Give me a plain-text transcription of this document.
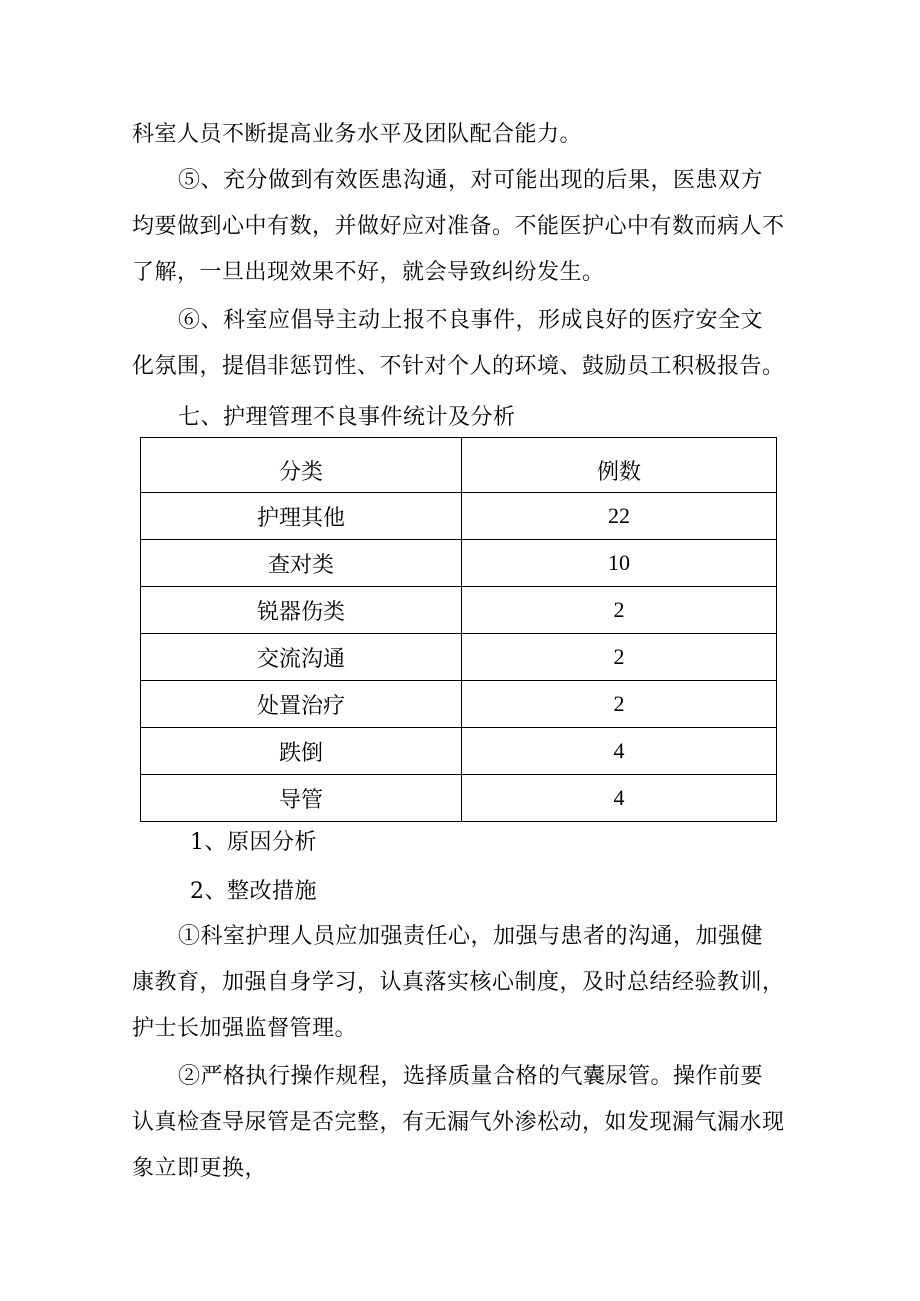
科室人员不断提高业务水平及团队配合能力。
⑤、充分做到有效医患沟通，对可能出现的后果，医患双方
均要做到心中有数，并做好应对准备。不能医护心中有数而病人不
了解，一旦出现效果不好，就会导致纠纷发生。
⑥、科室应倡导主动上报不良事件，形成良好的医疗安全文
化氛围，提倡非惩罚性、不针对个人的环境、鼓励员工积极报告。
七、护理管理不良事件统计及分析
分类	例数
护理其他	22
查对类	10
锐器伤类	2
交流沟通	2
处置治疗	2
跌倒	4
导管	4
1、原因分析
2、整改措施
①科室护理人员应加强责任心，加强与患者的沟通，加强健
康教育，加强自身学习，认真落实核心制度，及时总结经验教训，
护士长加强监督管理。
②严格执行操作规程，选择质量合格的气囊尿管。操作前要
认真检查导尿管是否完整，有无漏气外渗松动，如发现漏气漏水现
象立即更换，
